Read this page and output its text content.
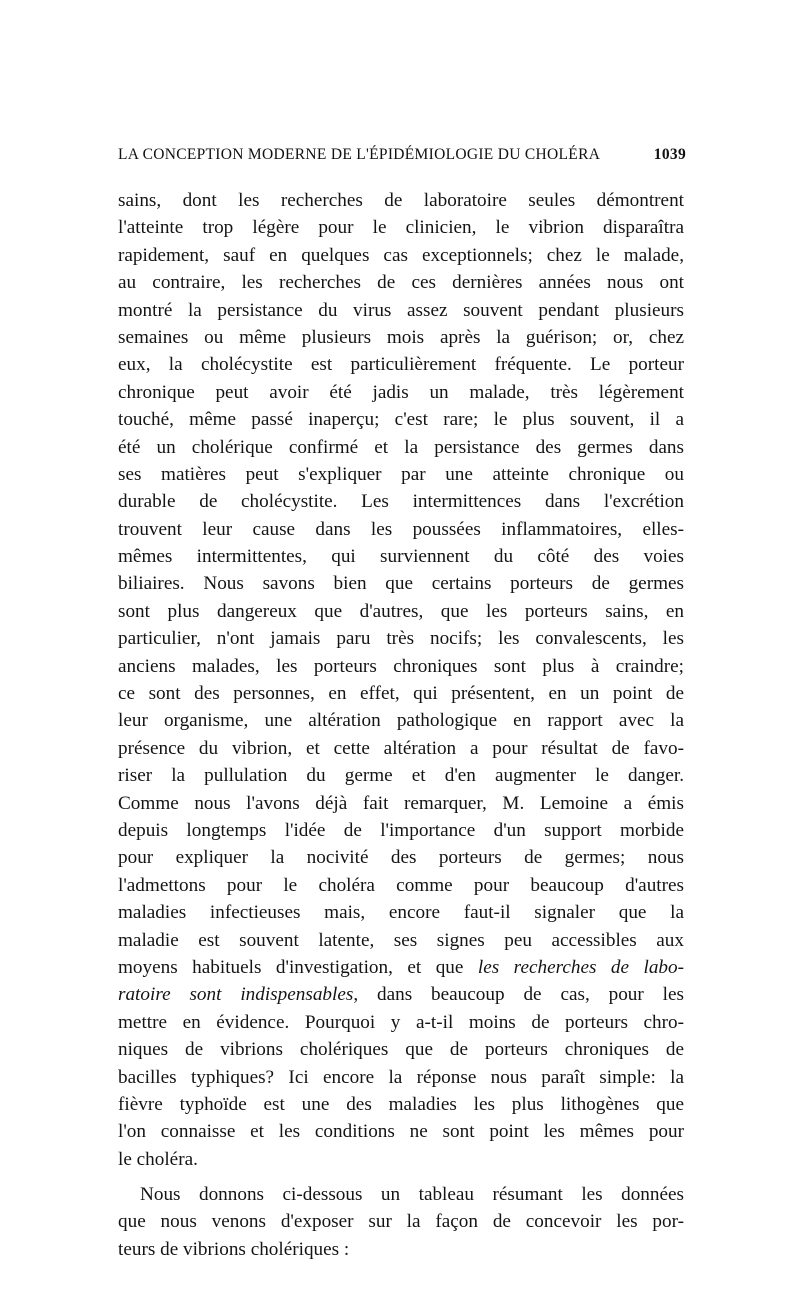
LA CONCEPTION MODERNE DE L'ÉPIDÉMIOLOGIE DU CHOLÉRA	1039
sains, dont les recherches de laboratoire seules démontrent
l'atteinte trop légère pour le clinicien, le vibrion disparaîtra
rapidement, sauf en quelques cas exceptionnels; chez le malade,
au contraire, les recherches de ces dernières années nous ont
montré la persistance du virus assez souvent pendant plusieurs
semaines ou même plusieurs mois après la guérison; or, chez
eux, la cholécystite est particulièrement fréquente. Le porteur
chronique peut avoir été jadis un malade, très légèrement
touché, même passé inaperçu; c'est rare; le plus souvent, il a
été un cholérique confirmé et la persistance des germes dans
ses matières peut s'expliquer par une atteinte chronique ou
durable de cholécystite. Les intermittences dans l'excrétion
trouvent leur cause dans les poussées inflammatoires, elles-
mêmes intermittentes, qui surviennent du côté des voies
biliaires. Nous savons bien que certains porteurs de germes
sont plus dangereux que d'autres, que les porteurs sains, en
particulier, n'ont jamais paru très nocifs; les convalescents, les
anciens malades, les porteurs chroniques sont plus à craindre;
ce sont des personnes, en effet, qui présentent, en un point de
leur organisme, une altération pathologique en rapport avec la
présence du vibrion, et cette altération a pour résultat de favo-
riser la pullulation du germe et d'en augmenter le danger.
Comme nous l'avons déjà fait remarquer, M. Lemoine a émis
depuis longtemps l'idée de l'importance d'un support morbide
pour expliquer la nocivité des porteurs de germes; nous
l'admettons pour le choléra comme pour beaucoup d'autres
maladies infectieuses mais, encore faut-il signaler que la
maladie est souvent latente, ses signes peu accessibles aux
moyens habituels d'investigation, et que les recherches de labo-
ratoire sont indispensables, dans beaucoup de cas, pour les
mettre en évidence. Pourquoi y a-t-il moins de porteurs chro-
niques de vibrions cholériques que de porteurs chroniques de
bacilles typhiques? Ici encore la réponse nous paraît simple: la
fièvre typhoïde est une des maladies les plus lithogènes que
l'on connaisse et les conditions ne sont point les mêmes pour
le choléra.
Nous donnons ci-dessous un tableau résumant les données
que nous venons d'exposer sur la façon de concevoir les por-
teurs de vibrions cholériques :
